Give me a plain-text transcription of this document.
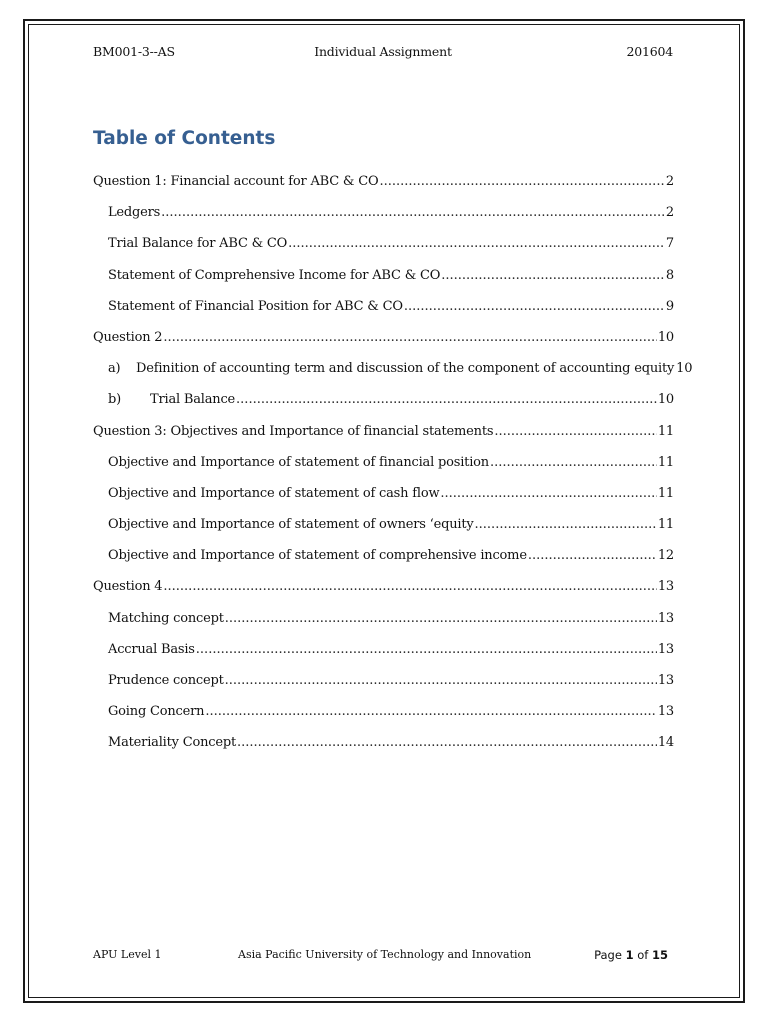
BM001-3--AS	Individual Assignment	201604
Table of Contents
Question 1: Financial account for ABC & CO .....	2
Ledgers .....	2
Trial Balance for ABC & CO .....	7
Statement of Comprehensive Income for ABC & CO .....	8
Statement of Financial Position for ABC & CO .....	9
Question 2 .....	10
a) Definition of accounting term and discussion of the component of accounting equity 10
b) Trial Balance .....	10
Question 3: Objectives and Importance of financial statements .....	11
Objective and Importance of statement of financial position .....	11
Objective and Importance of statement of cash flow .....	11
Objective and Importance of statement of owners ‘equity .....	11
Objective and Importance of statement of comprehensive income .....	12
Question 4 .....	13
Matching concept .....	13
Accrual Basis .....	13
Prudence concept .....	13
Going Concern .....	13
Materiality Concept .....	14
APU Level 1	Asia Pacific University of Technology and Innovation	Page 1 of 15
